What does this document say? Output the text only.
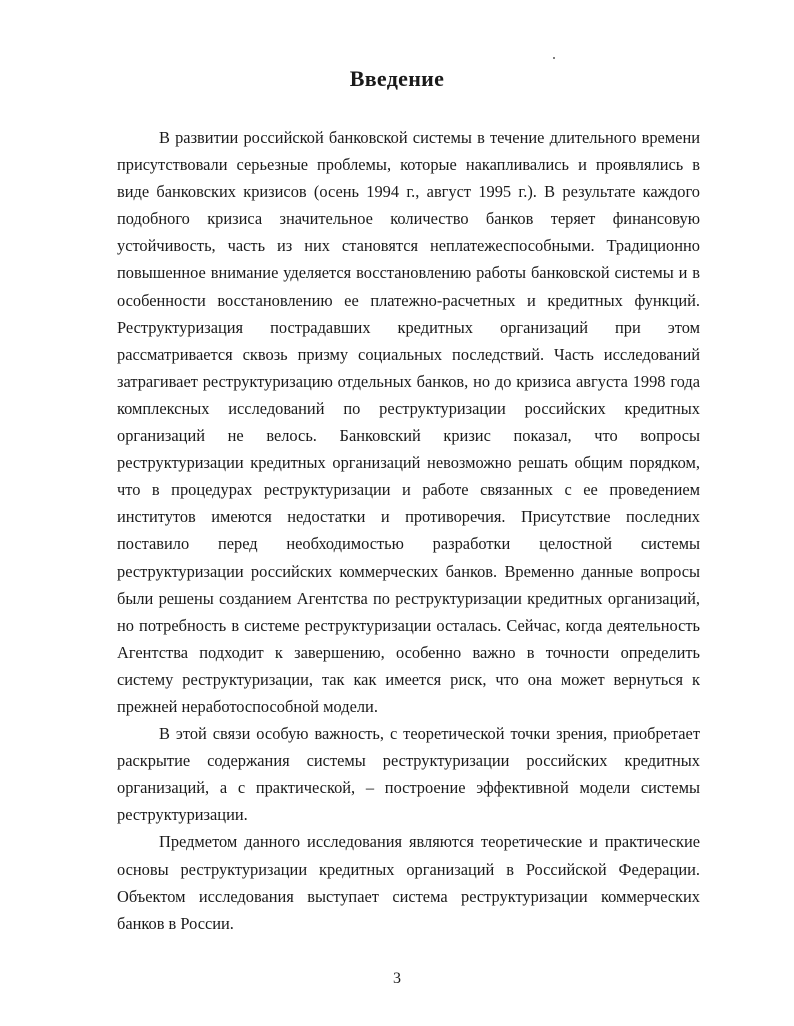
Введение

В развитии российской банковской системы в течение длительного времени присутствовали серьезные проблемы, которые накапливались и проявлялись в виде банковских кризисов (осень 1994 г., август 1995 г.). В результате каждого подобного кризиса значительное количество банков теряет финансовую устойчивость, часть из них становятся неплатежеспособными. Традиционно повышенное внимание уделяется восстановлению работы банковской системы и в особенности восстановлению ее платежно-расчетных и кредитных функций. Реструктуризация пострадавших кредитных организаций при этом рассматривается сквозь призму социальных последствий. Часть исследований затрагивает реструктуризацию отдельных банков, но до кризиса августа 1998 года комплексных исследований по реструктуризации российских кредитных организаций не велось. Банковский кризис показал, что вопросы реструктуризации кредитных организаций невозможно решать общим порядком, что в процедурах реструктуризации и работе связанных с ее проведением институтов имеются недостатки и противоречия. Присутствие последних поставило перед необходимостью разработки целостной системы реструктуризации российских коммерческих банков. Временно данные вопросы были решены созданием Агентства по реструктуризации кредитных организаций, но потребность в системе реструктуризации осталась. Сейчас, когда деятельность Агентства подходит к завершению, особенно важно в точности определить систему реструктуризации, так как имеется риск, что она может вернуться к прежней неработоспособной модели.

В этой связи особую важность, с теоретической точки зрения, приобретает раскрытие содержания системы реструктуризации российских кредитных организаций, а с практической, – построение эффективной модели системы реструктуризации.

Предметом данного исследования являются теоретические и практические основы реструктуризации кредитных организаций в Российской Федерации. Объектом исследования выступает система реструктуризации коммерческих банков в России.

3
